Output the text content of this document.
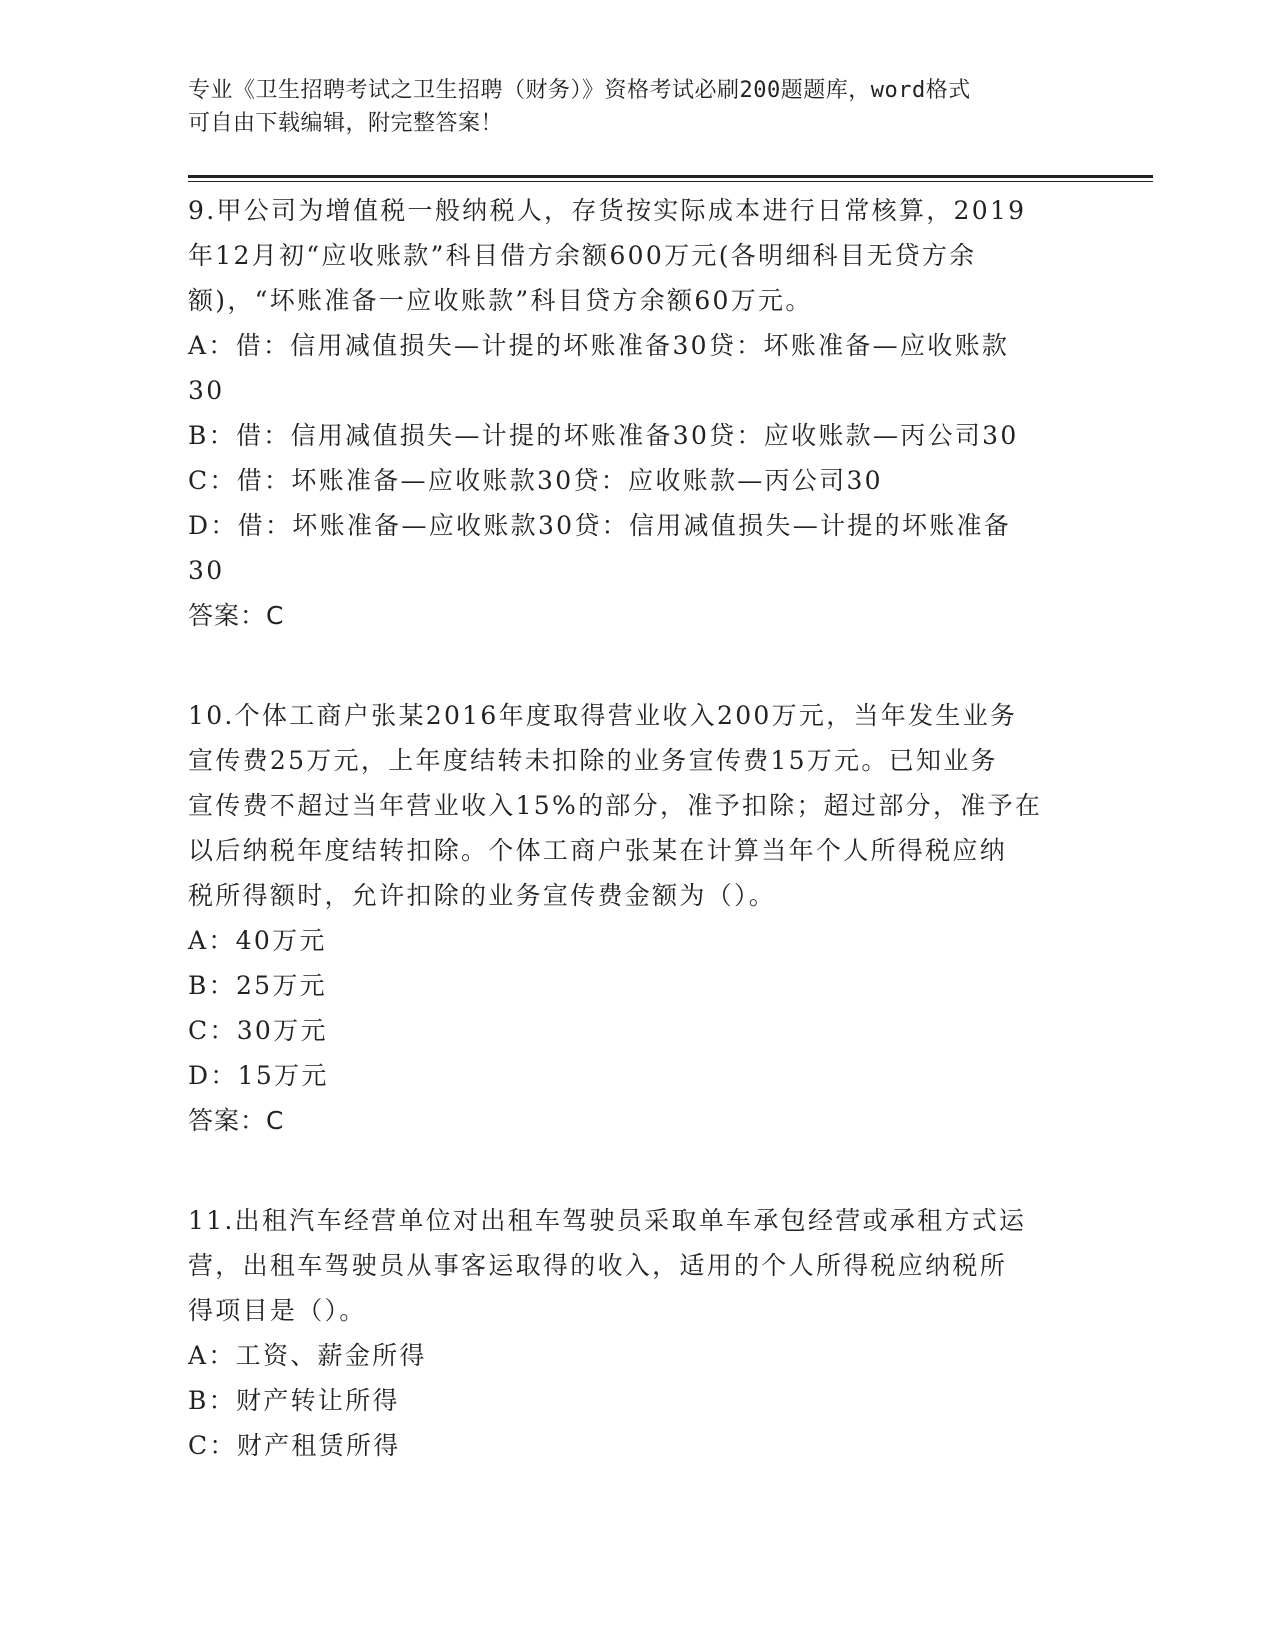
专业《卫生招聘考试之卫生招聘（财务）》资格考试必刷200题题库，word格式
可自由下载编辑，附完整答案！
9.甲公司为增值税一般纳税人，存货按实际成本进行日常核算，2019
年12月初“应收账款”科目借方余额600万元(各明细科目无贷方余
额)，“坏账准备一应收账款”科目贷方余额60万元。
A：借：信用减值损失—计提的坏账准备30贷：坏账准备—应收账款
30
B：借：信用减值损失—计提的坏账准备30贷：应收账款—丙公司30
C：借：坏账准备—应收账款30贷：应收账款—丙公司30
D：借：坏账准备—应收账款30贷：信用减值损失—计提的坏账准备
30
答案：C
10.个体工商户张某2016年度取得营业收入200万元，当年发生业务
宣传费25万元，上年度结转未扣除的业务宣传费15万元。已知业务
宣传费不超过当年营业收入15%的部分，准予扣除；超过部分，准予在
以后纳税年度结转扣除。个体工商户张某在计算当年个人所得税应纳
税所得额时，允许扣除的业务宣传费金额为（）。
A：40万元
B：25万元
C：30万元
D：15万元
答案：C
11.出租汽车经营单位对出租车驾驶员采取单车承包经营或承租方式运
营，出租车驾驶员从事客运取得的收入，适用的个人所得税应纳税所
得项目是（）。
A：工资、薪金所得
B：财产转让所得
C：财产租赁所得
